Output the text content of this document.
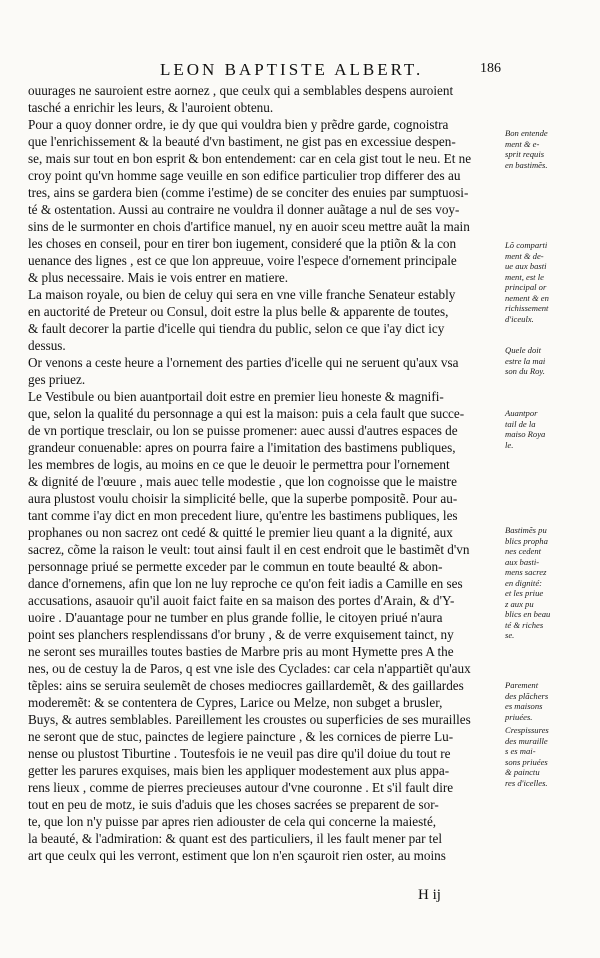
LEON BAPTISTE ALBERT.	186
ouurages ne sauroient estre aornez , que ceulx qui a semblables despens auroient
tasché a enrichir les leurs, & l'auroient obtenu.
Pour a quoy donner ordre, ie dy que qui vouldra bien y prẽdre garde, cognoistra
que l'enrichissement & la beauté d'vn bastiment, ne gist pas en excessiue despen-
se, mais sur tout en bon esprit & bon entendement: car en cela gist tout le neu. Et ne
croy point qu'vn homme sage veuille en son edifice particulier trop differer des au
tres, ains se gardera bien (comme i'estime) de se conciter des enuies par sumptuosi-
té & ostentation. Aussi au contraire ne vouldra il donner auãtage a nul de ses voy-
sins de le surmonter en chois d'artifice manuel, ny en auoir sceu mettre auãt la main
les choses en conseil, pour en tirer bon iugement, consideré que la ptiõn & la con
uenance des lignes , est ce que lon appreuue, voire l'espece d'ornement principale
& plus necessaire. Mais ie vois entrer en matiere.
La maison royale, ou bien de celuy qui sera en vne ville franche Senateur estably
en auctorité de Preteur ou Consul, doit estre la plus belle & apparente de toutes,
& fault decorer la partie d'icelle qui tiendra du public, selon ce que i'ay dict icy
dessus.
Or venons a ceste heure a l'ornement des parties d'icelle qui ne seruent qu'aux vsa
ges priuez.
Le Vestibule ou bien auantportail doit estre en premier lieu honeste & magnifi-
que, selon la qualité du personnage a qui est la maison: puis a cela fault que succe-
de vn portique tresclair, ou lon se puisse promener: auec aussi d'autres espaces de
grandeur conuenable: apres on pourra faire a l'imitation des bastimens publiques,
les membres de logis, au moins en ce que le deuoir le permettra pour l'ornement
& dignité de l'œuure , mais auec telle modestie , que lon cognoisse que le maistre
aura plustost voulu choisir la simplicité belle, que la superbe pompositẽ. Pour au-
tant comme i'ay dict en mon precedent liure, qu'entre les bastimens publiques, les
prophanes ou non sacrez ont cedé & quitté le premier lieu quant a la dignité, aux
sacrez, cõme la raison le veult: tout ainsi fault il en cest endroit que le bastimẽt d'vn
personnage priué se permette exceder par le commun en toute beaulté & abon-
dance d'ornemens, afin que lon ne luy reproche ce qu'on feit iadis a Camille en ses
accusations, asauoir qu'il auoit faict faite en sa maison des portes d'Arain, & d'Y-
uoire . D'auantage pour ne tumber en plus grande follie, le citoyen priué n'aura
point ses planchers resplendissans d'or bruny , & de verre exquisement tainct, ny
ne seront ses murailles toutes basties de Marbre pris au mont Hymette pres A the
nes, ou de cestuy la de Paros, q est vne isle des Cyclades: car cela n'appartiẽt qu'aux
tẽples: ains se seruira seulemẽt de choses mediocres gaillardemẽt, & des gaillardes
moderemẽt: & se contentera de Cypres, Larice ou Melze, non subget a brusler,
Buys, & autres semblables. Pareillement les croustes ou superficies de ses murailles
ne seront que de stuc, painctes de legiere paincture , & les cornices de pierre Lu-
nense ou plustost Tiburtine . Toutesfois ie ne veuil pas dire qu'il doiue du tout re
getter les parures exquises, mais bien les appliquer modestement aux plus appa-
rens lieux , comme de pierres precieuses autour d'vne couronne . Et s'il fault dire
tout en peu de motz, ie suis d'aduis que les choses sacrées se preparent de sor-
te, que lon n'y puisse par apres rien adiouster de cela qui concerne la maiesté,
la beauté, & l'admiration: & quant est des particuliers, il les fault mener par tel
art que ceulx qui les verront, estiment que lon n'en sçauroit rien oster, au moins
Bon entende
ment & e-
sprit requis
en bastimẽs.
Lõ comparti
ment & de-
ue aux basti
ment, est le
principal or
nement & en
richissement
d'iceulx.
Quele doit
estre la mai
son du Roy.
Auantpor
tail de la
maiso Roya
le.
Bastimẽs pu
blics propha
nes cedent
aux basti-
mens sacrez
en dignité:
et les priue
z aux pu
blics en beau
té & riches
se.
Parement
des plãchers
es maisons
priuées.
Crespissures
des muraille
s es mai-
sons priuées
& painctu
res d'icelles.
H ij
